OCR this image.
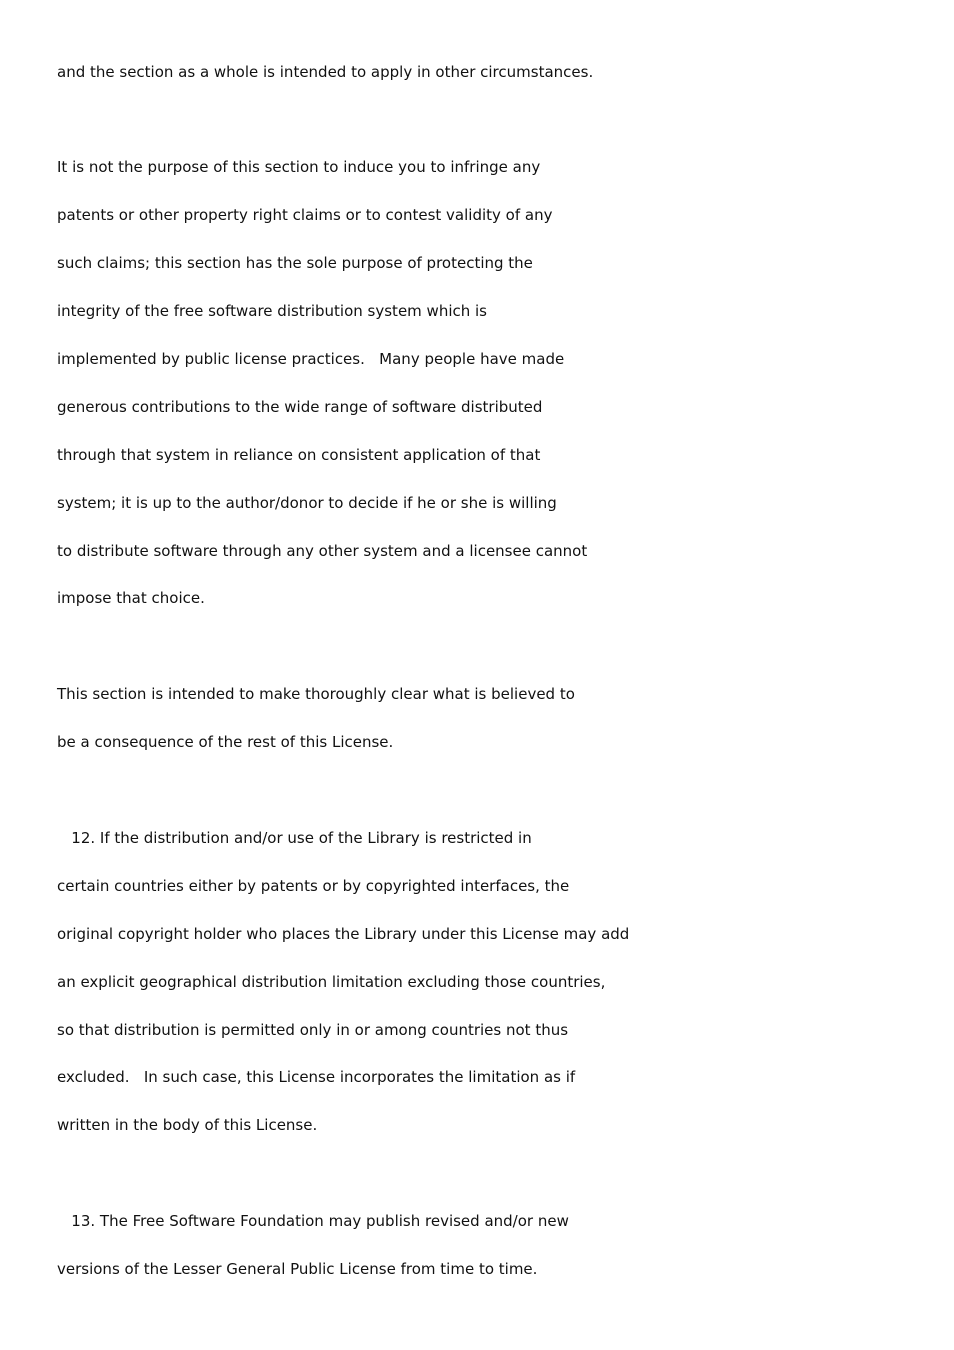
and the section as a whole is intended to apply in other circumstances.
It is not the purpose of this section to induce you to infringe any
patents or other property right claims or to contest validity of any
such claims; this section has the sole purpose of protecting the
integrity of the free software distribution system which is
implemented by public license practices.   Many people have made
generous contributions to the wide range of software distributed
through that system in reliance on consistent application of that
system; it is up to the author/donor to decide if he or she is willing
to distribute software through any other system and a licensee cannot
impose that choice.
This section is intended to make thoroughly clear what is believed to
be a consequence of the rest of this License.
12. If the distribution and/or use of the Library is restricted in
certain countries either by patents or by copyrighted interfaces, the
original copyright holder who places the Library under this License may add
an explicit geographical distribution limitation excluding those countries,
so that distribution is permitted only in or among countries not thus
excluded.   In such case, this License incorporates the limitation as if
written in the body of this License.
13. The Free Software Foundation may publish revised and/or new
versions of the Lesser General Public License from time to time.
